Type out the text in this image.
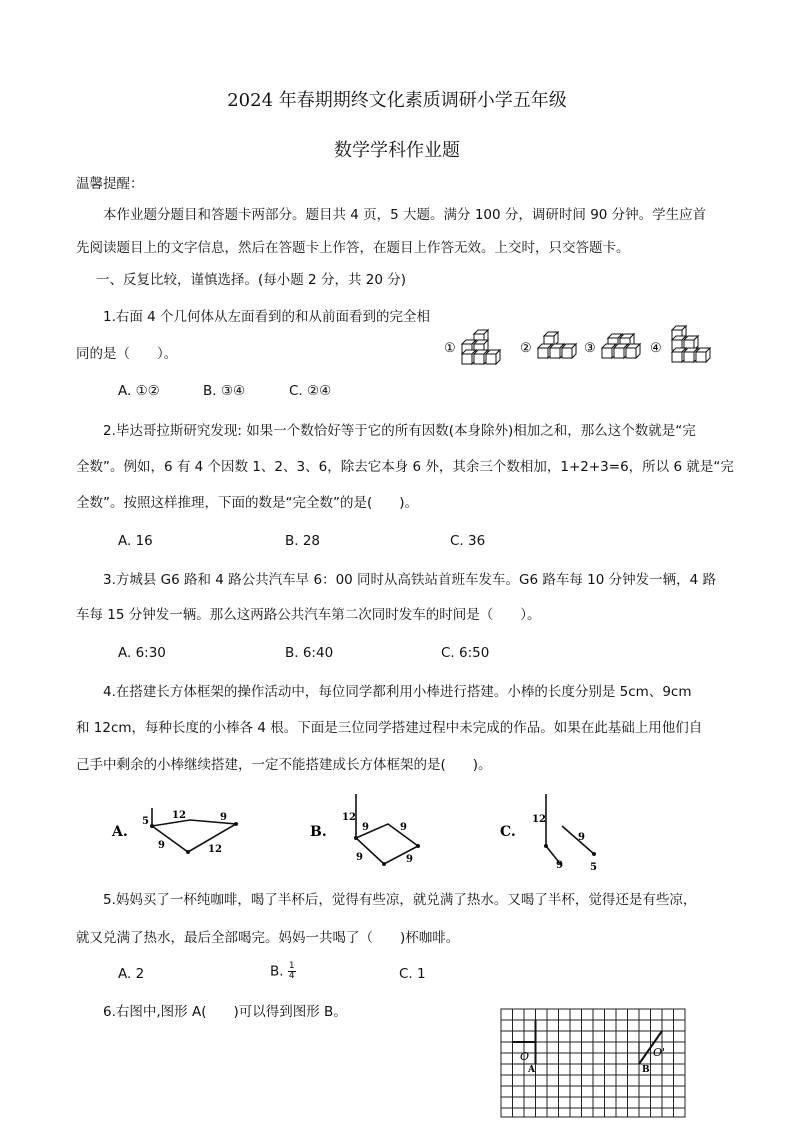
2024 年春期期终文化素质调研小学五年级
数学学科作业题
温馨提醒：
本作业题分题目和答题卡两部分。题目共 4 页，5 大题。满分 100 分，调研时间 90 分钟。学生应首
先阅读题目上的文字信息，然后在答题卡上作答，在题目上作答无效。上交时，只交答题卡。
一、反复比较，谨慎选择。(每小题 2 分，共 20 分)
1.右面 4 个几何体从左面看到的和从前面看到的完全相
同的是（　　）。	①	②	③	④
A. ①②	B. ③④	C. ②④
2.毕达哥拉斯研究发现: 如果一个数恰好等于它的所有因数(本身除外)相加之和，那么这个数就是“完
全数”。例如，6 有 4 个因数 1、2、3、6，除去它本身 6 外，其余三个数相加，1+2+3=6，所以 6 就是“完
全数”。按照这样推理，下面的数是“完全数”的是(　　)。
A. 16	B. 28	C. 36
3.方城县 G6 路和 4 路公共汽车早 6：00 同时从高铁站首班车发车。G6 路车每 10 分钟发一辆，4 路
车每 15 分钟发一辆。那么这两路公共汽车第二次同时发车的时间是（　　）。
A. 6:30	B. 6:40	C. 6:50
4.在搭建长方体框架的操作活动中，每位同学都利用小棒进行搭建。小棒的长度分别是 5cm、9cm
和 12cm，每种长度的小棒各 4 根。下面是三位同学搭建过程中未完成的作品。如果在此基础上用他们自
己手中剩余的小棒继续搭建，一定不能搭建成长方体框架的是(　　)。
A.
5
12	9
9	12
B.
12
9	9
9	9
C.
12
9
9	5
5.妈妈买了一杯纯咖啡，喝了半杯后，觉得有些凉，就兑满了热水。又喝了半杯，觉得还是有些凉，
就又兑满了热水，最后全部喝完。妈妈一共喝了（　　)杯咖啡。
A. 2	B. $\frac{1}{4}$	C. 1
6.右图中,图形 A(　　)可以得到图形 B。
O
A
O'
B
